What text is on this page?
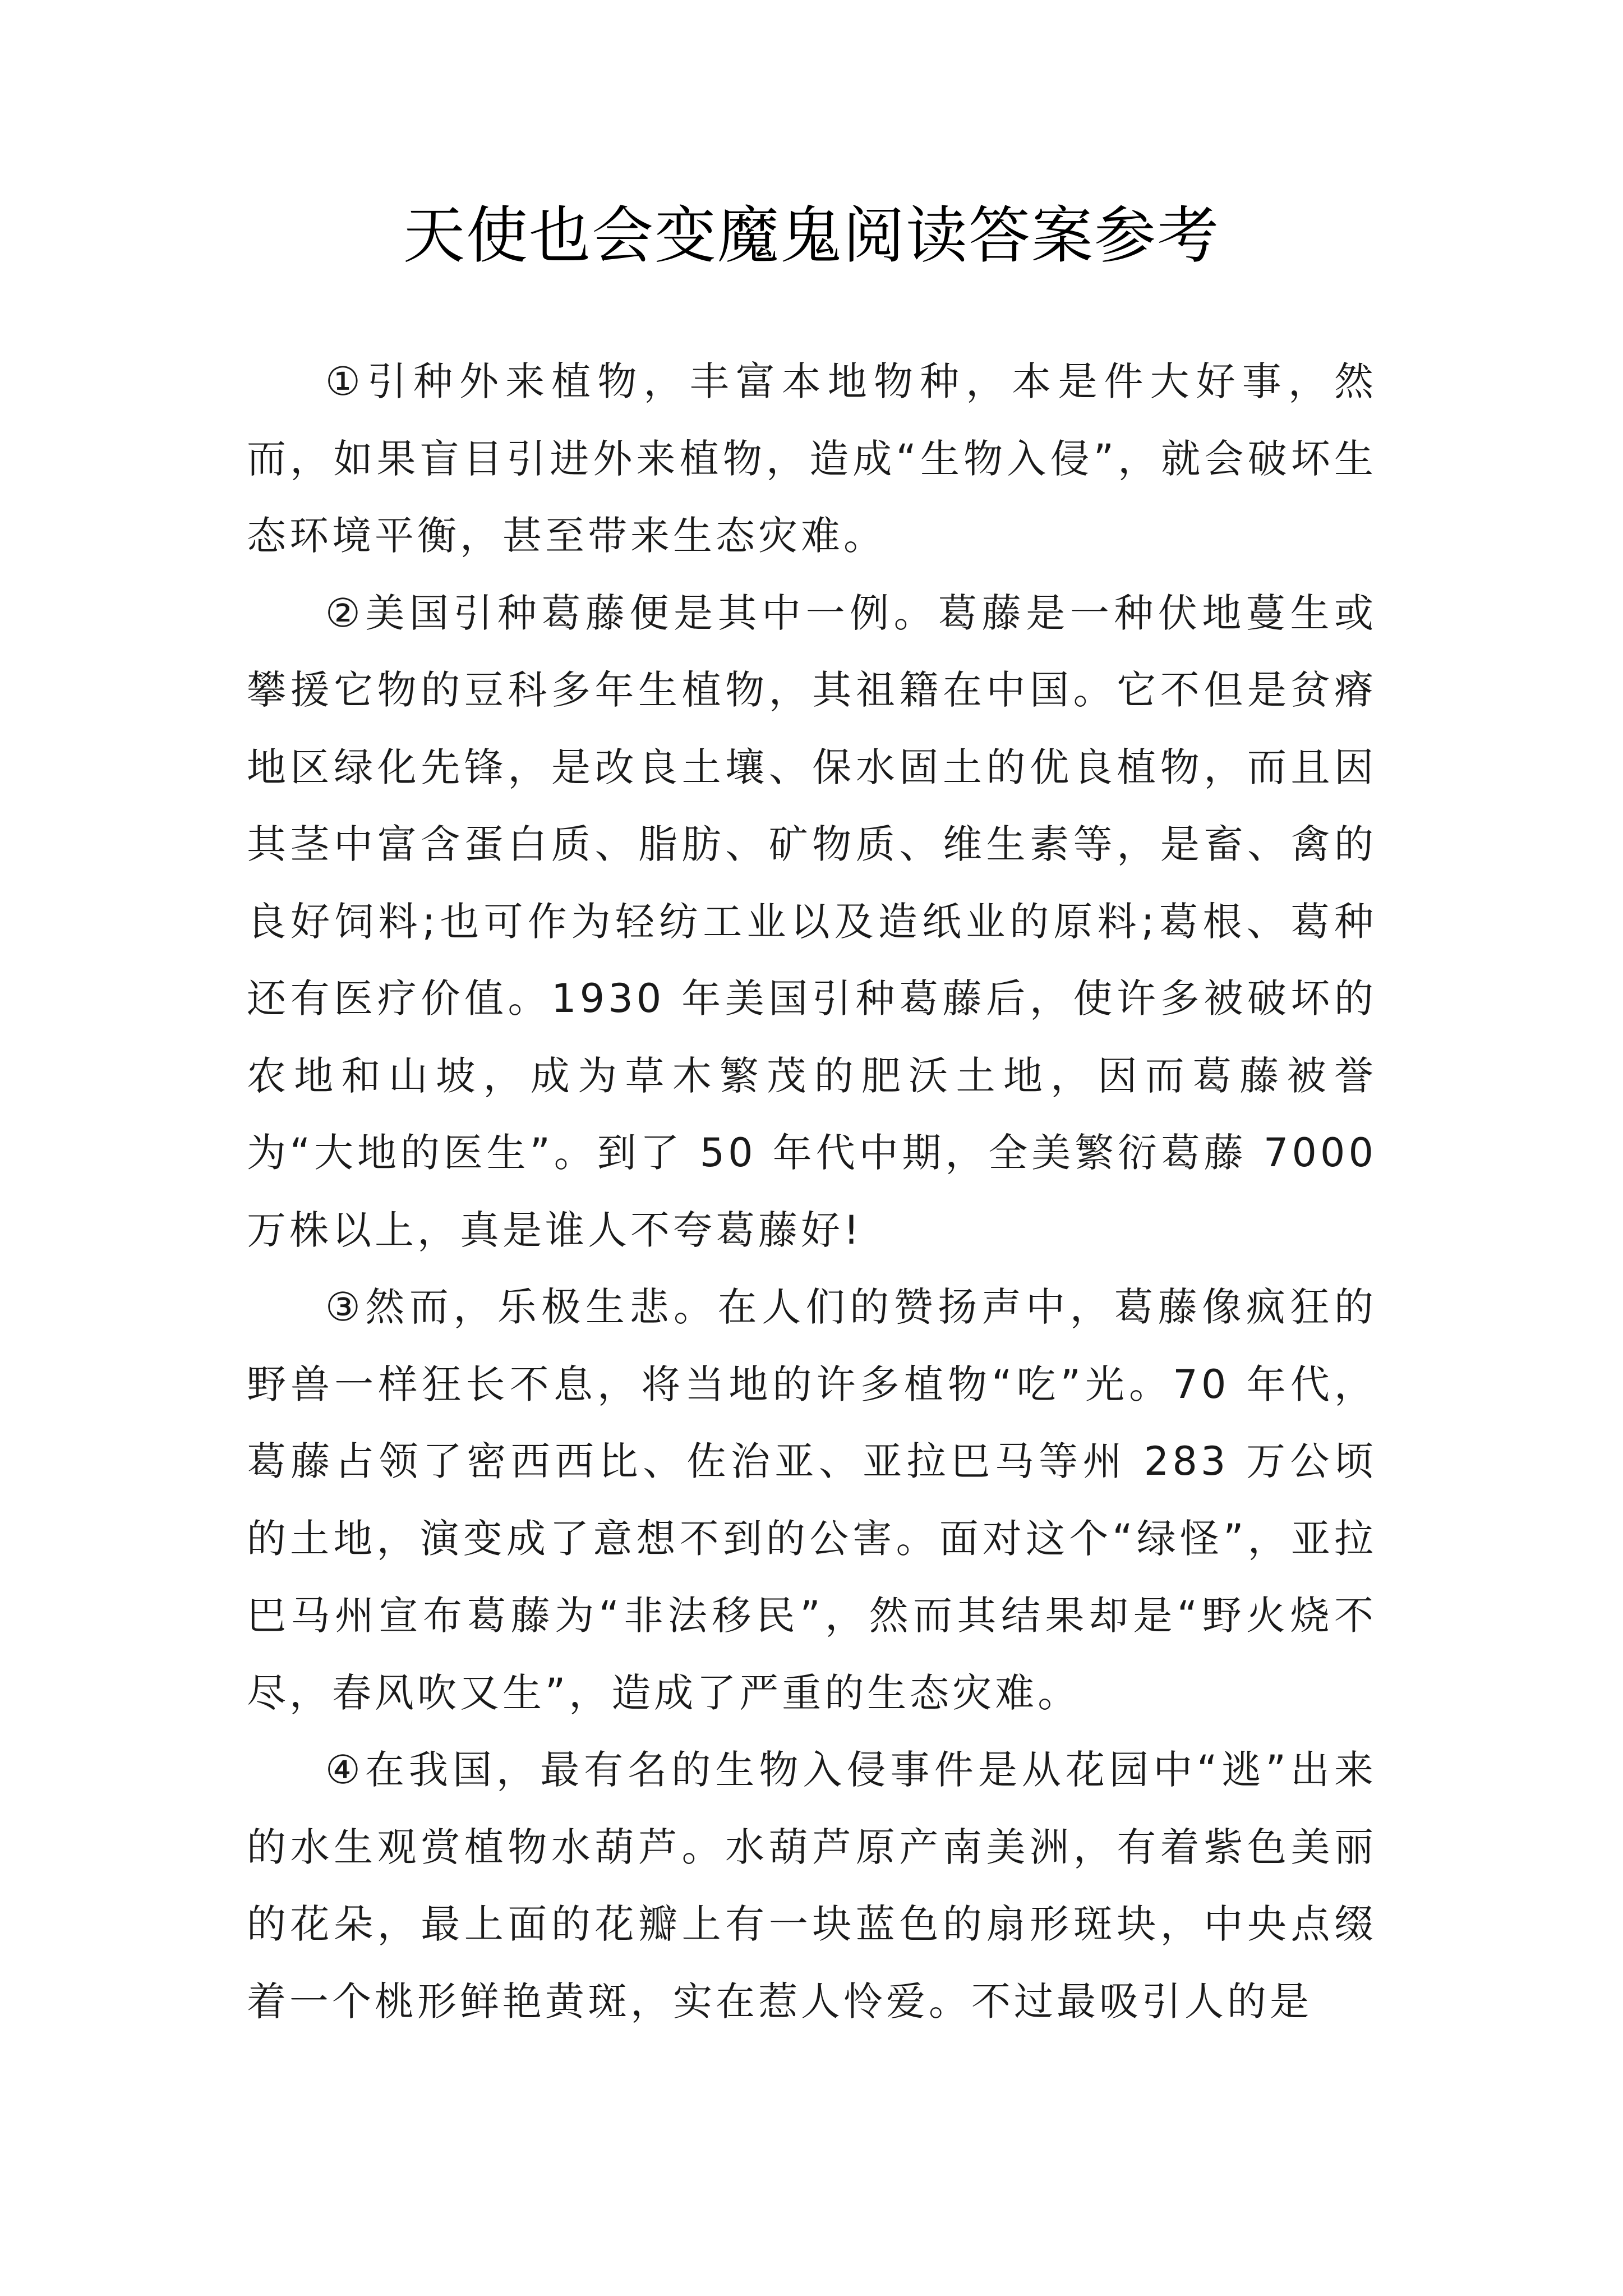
天使也会变魔鬼阅读答案参考

①引种外来植物，丰富本地物种，本是件大好事，然而，如果盲目引进外来植物，造成“生物入侵”，就会破坏生态环境平衡，甚至带来生态灾难。

②美国引种葛藤便是其中一例。葛藤是一种伏地蔓生或攀援它物的豆科多年生植物，其祖籍在中国。它不但是贫瘠地区绿化先锋，是改良土壤、保水固土的优良植物，而且因其茎中富含蛋白质、脂肪、矿物质、维生素等，是畜、禽的良好饲料;也可作为轻纺工业以及造纸业的原料;葛根、葛种还有医疗价值。1930 年美国引种葛藤后，使许多被破坏的农地和山坡，成为草木繁茂的肥沃土地，因而葛藤被誉为“大地的医生”。到了 50 年代中期，全美繁衍葛藤 7000 万株以上，真是谁人不夸葛藤好!

③然而，乐极生悲。在人们的赞扬声中，葛藤像疯狂的野兽一样狂长不息，将当地的许多植物“吃”光。70 年代，葛藤占领了密西西比、佐治亚、亚拉巴马等州 283 万公顷的土地，演变成了意想不到的公害。面对这个“绿怪”，亚拉巴马州宣布葛藤为“非法移民”，然而其结果却是“野火烧不尽，春风吹又生”，造成了严重的生态灾难。

④在我国，最有名的生物入侵事件是从花园中“逃”出来的水生观赏植物水葫芦。水葫芦原产南美洲，有着紫色美丽的花朵，最上面的花瓣上有一块蓝色的扇形斑块，中央点缀着一个桃形鲜艳黄斑，实在惹人怜爱。不过最吸引人的是
